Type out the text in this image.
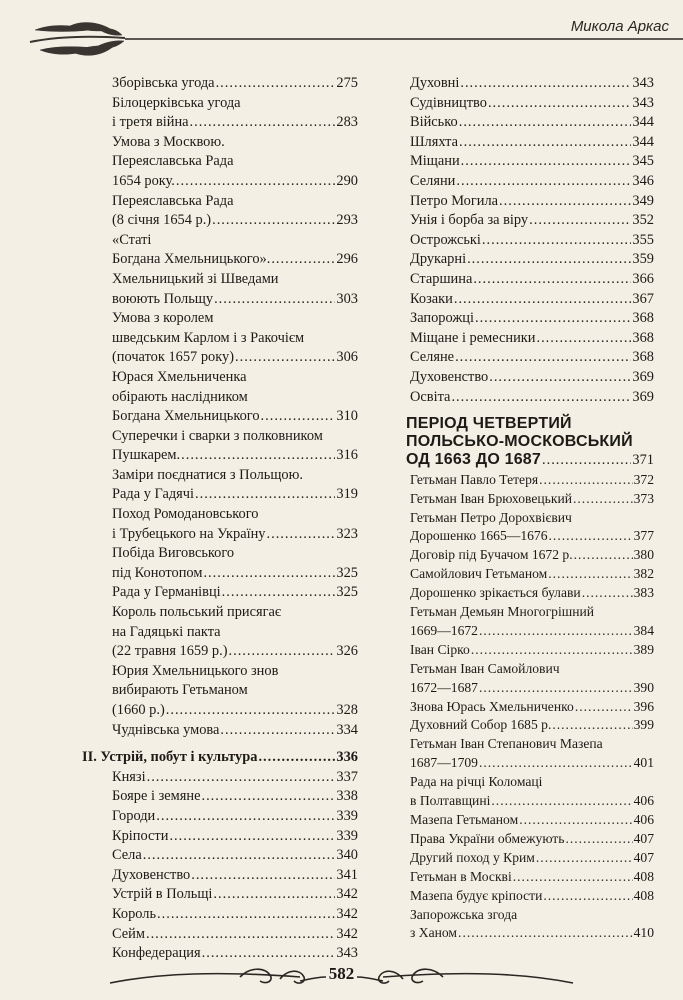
Микола Аркас
Зборівська угода .....	275
Білоцерківська угода
і третя війна .....	283
Умова з Москвою.
Переяславська Рада
1654 року. .....	290
Переяславська Рада
(8 січня 1654 р.) .....	293
«Статі
Богдана Хмельницького». .....	296
Хмельницький зі Шведами
воюють Польщу .....	303
Умова з королем
шведським Карлом і з Ракочієм
(початок 1657 року) .....	306
Юрася Хмельниченка
обірають наслідником
Богдана Хмельницького .....	310
Суперечки і сварки з полковником
Пушкарем. .....	316
Заміри поєднатися з Польщою.
Рада у Гадячі .....	319
Поход Ромодановського
і Трубецького на Україну .....	323
Побіда Виговського
під Конотопом .....	325
Рада у Германівці .....	325
Король польський присягає
на Гадяцькі пакта
(22 травня 1659 р.) .....	326
Юрия Хмельницького знов
вибирають Гетьманом
(1660 р.) .....	328
Чуднівська умова .....	334
II. Устрій, побут і культура .....	336
Князі .....	337
Бояре і земяне .....	338
Городи .....	339
Кріпости .....	339
Села .....	340
Духовенство .....	341
Устрій в Польщі .....	342
Король .....	342
Сейм .....	342
Конфедерация .....	343
Духовні .....	343
Судівництво .....	343
Військо .....	344
Шляхта .....	344
Міщани .....	345
Селяни .....	346
Петро Могила .....	349
Унія і борба за віру .....	352
Острожські .....	355
Друкарні .....	359
Старшина .....	366
Козаки .....	367
Запорожці .....	368
Міщане і ремесники .....	368
Селяне .....	368
Духовенство .....	369
Освіта .....	369
ПЕРІОД ЧЕТВЕРТИЙ
ПОЛЬСЬКО-МОСКОВСЬКИЙ
ОД 1663 ДО 1687 .....	371
Гетьман Павло Тетеря .....	372
Гетьман Іван Брюховецький .....	373
Гетьман Петро Дорохвієвич
Дорошенко 1665—1676 .....	377
Договір під Бучачом 1672 р. .....	380
Самойлович Гетьманом .....	382
Дорошенко зрікається булави .....	383
Гетьман Демьян Многогрішний
1669—1672 .....	384
Іван Сірко .....	389
Гетьман Іван Самойлович
1672—1687 .....	390
Знова Юрась Хмельниченко .....	396
Духовний Собор 1685 р. .....	399
Гетьман Іван Степанович Мазепа
1687—1709 .....	401
Рада на річці Коломаці
в Полтавщині .....	406
Мазепа Гетьманом .....	406
Права України обмежують .....	407
Другий поход у Крим .....	407
Гетьман в Москві .....	408
Мазепа будує кріпости .....	408
Запорожська згода
з Ханом .....	410
582
